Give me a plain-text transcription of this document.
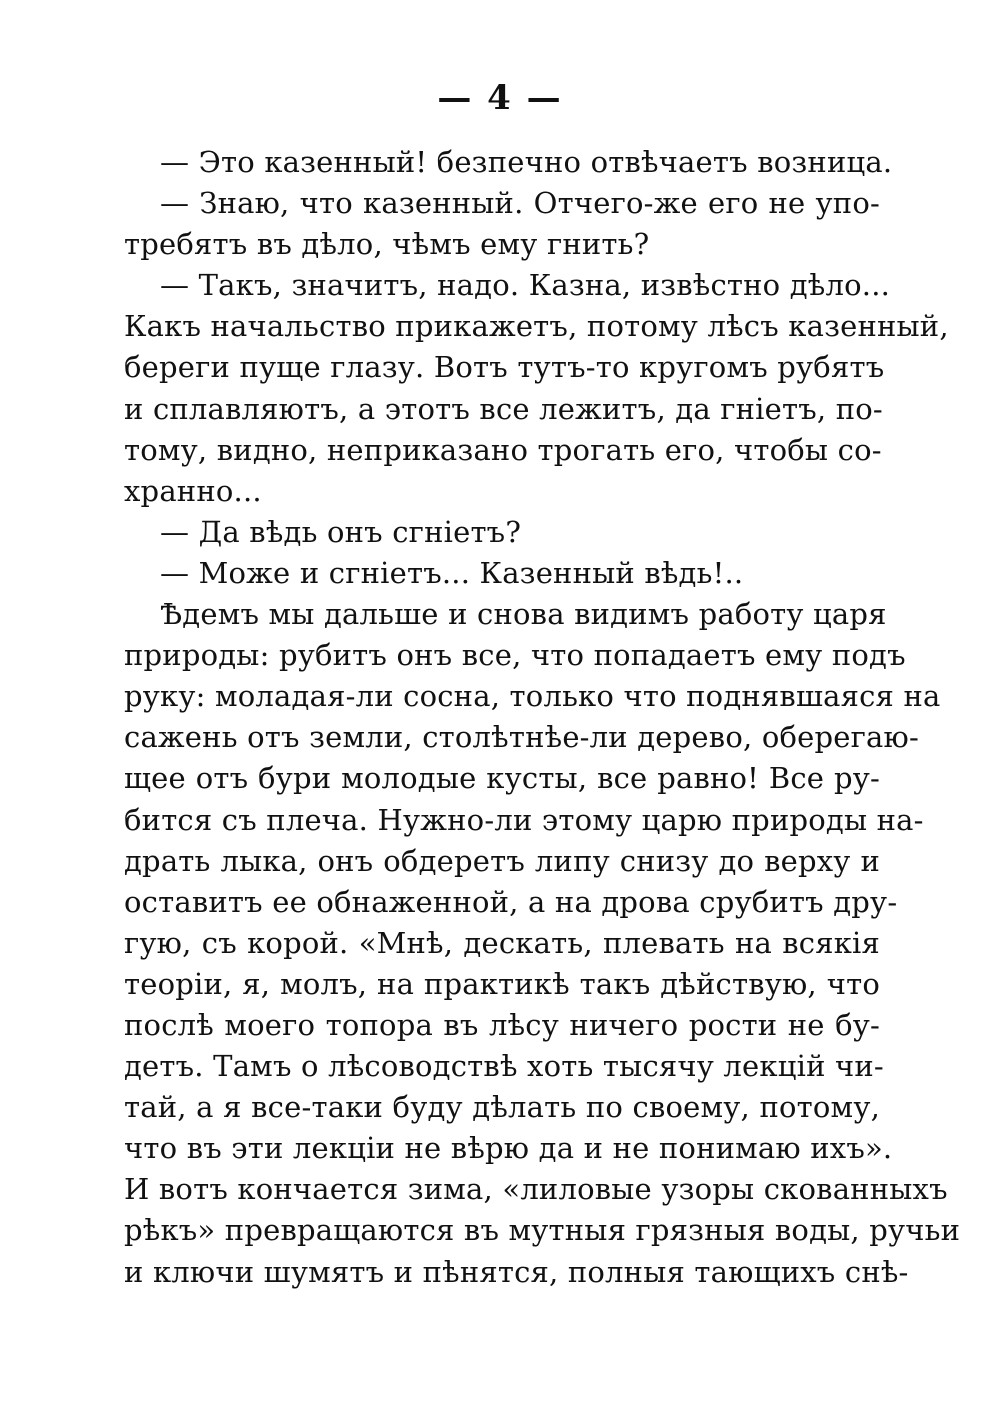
— 4 —
— Это казенный! безпечно отвѣчаетъ возница.
— Знаю, что казенный. Отчего-же его не упо-
требятъ въ дѣло, чѣмъ ему гнить?
— Такъ, значитъ, надо. Казна, извѣстно дѣло...
Какъ начальство прикажетъ, потому лѣсъ казенный,
береги пуще глазу. Вотъ тутъ-то кругомъ рубятъ
и сплавляютъ, а этотъ все лежитъ, да гніетъ, по-
тому, видно, неприказано трогать его, чтобы со-
хранно...
— Да вѣдь онъ сгніетъ?
— Може и сгніетъ... Казенный вѣдь!..
Ѣдемъ мы дальше и снова видимъ работу царя
природы: рубитъ онъ все, что попадаетъ ему подъ
руку: моладая-ли сосна, только что поднявшаяся на
сажень отъ земли, столѣтнѣе-ли дерево, оберегаю-
щее отъ бури молодые кусты, все равно! Все ру-
бится съ плеча. Нужно-ли этому царю природы на-
драть лыка, онъ обдеретъ липу снизу до верху и
оставитъ ее обнаженной, а на дрова срубитъ дру-
гую, съ корой. «Мнѣ, дескать, плевать на всякія
теоріи, я, молъ, на практикѣ такъ дѣйствую, что
послѣ моего топора въ лѣсу ничего рости не бу-
детъ. Тамъ о лѣсоводствѣ хоть тысячу лекцій чи-
тай, а я все-таки буду дѣлать по своему, потому,
что въ эти лекціи не вѣрю да и не понимаю ихъ».
И вотъ кончается зима, «лиловые узоры скованныхъ
рѣкъ» превращаются въ мутныя грязныя воды, ручьи
и ключи шумятъ и пѣнятся, полныя тающихъ снѣ-
